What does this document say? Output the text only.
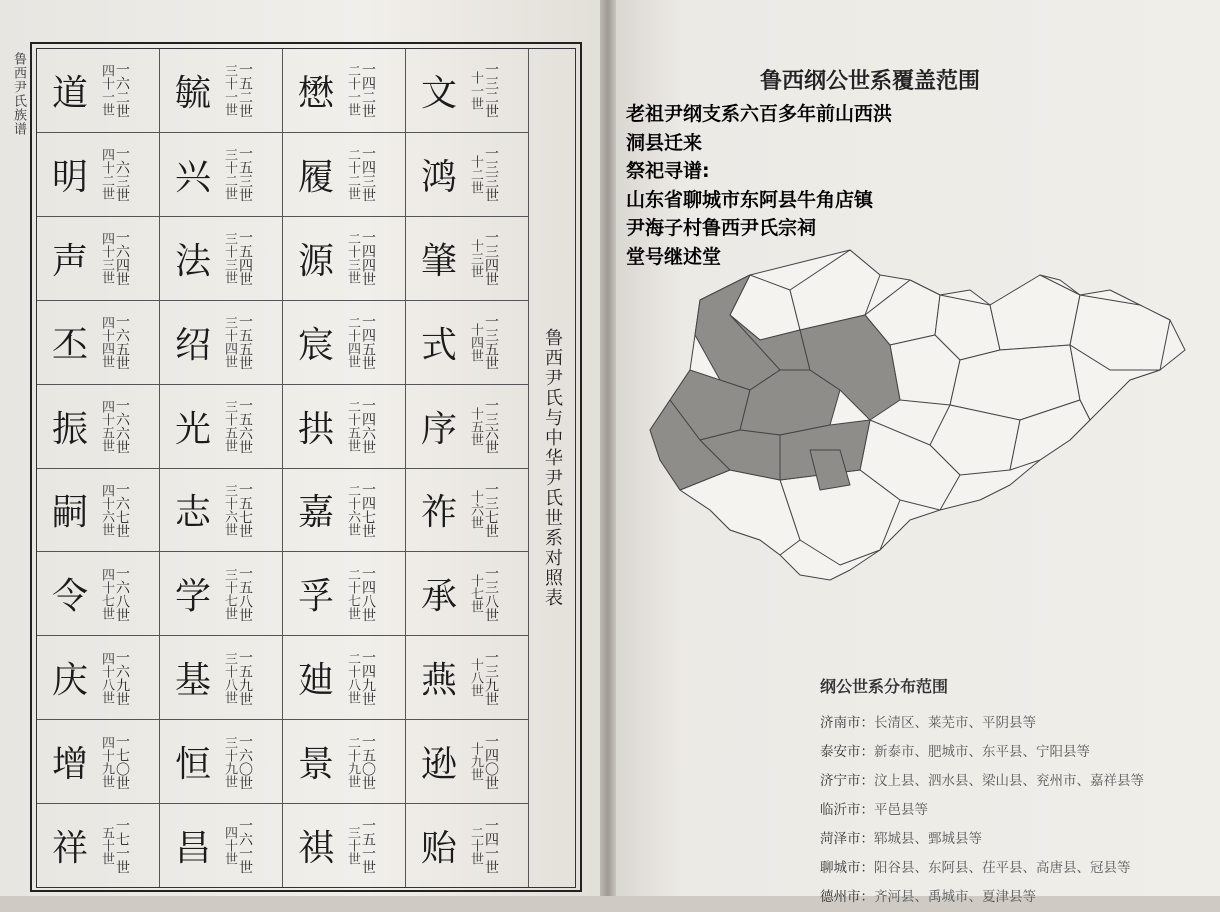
鲁西尹氏族谱 道 四十一世 一六二世
明 四十二世 一六三世
声 四十三世 一六四世
丕 四十四世 一六五世
振 四十五世 一六六世
嗣 四十六世 一六七世
令 四十七世 一六八世
庆 四十八世 一六九世
增 四十九世 一七〇世
祥 五十世 一七一世
毓 三十一世 一五二世
兴 三十二世 一五三世
法 三十三世 一五四世
绍 三十四世 一五五世
光 三十五世 一五六世
志 三十六世 一五七世
学 三十七世 一五八世
基 三十八世 一五九世
恒 三十九世 一六〇世
昌 四十世 一六一世
懋 二十一世 一四二世
履 二十二世 一四三世
源 二十三世 一四四世
宸 二十四世 一四五世
拱 二十五世 一四六世
嘉 二十六世 一四七世
孚 二十七世 一四八世
廸 二十八世 一四九世
景 二十九世 一五〇世
祺 三十世 一五一世
文 十一世 一三二世
鸿 十二世 一三三世
肇 十三世 一三四世
式 十四世 一三五世
序 十五世 一三六世
祚 十六世 一三七世
承 十七世 一三八世
燕 十八世 一三九世
逊 十九世 一四〇世
贻 二十世 一四一世
鲁西尹氏与中华尹氏世系对照表
鲁西纲公世系覆盖范围
老祖尹纲支系六百多年前山西洪
洞县迁来
祭祀寻谱:
山东省聊城市东阿县牛角店镇
尹海子村鲁西尹氏宗祠
堂号继述堂
纲公世系分布范围
济南市：长清区、莱芜市、平阴县等
泰安市：新泰市、肥城市、东平县、宁阳县等
济宁市：汶上县、泗水县、梁山县、兖州市、嘉祥县等
临沂市：平邑县等
菏泽市：郓城县、鄄城县等
聊城市：阳谷县、东阿县、茌平县、高唐县、冠县等
德州市：齐河县、禹城市、夏津县等
